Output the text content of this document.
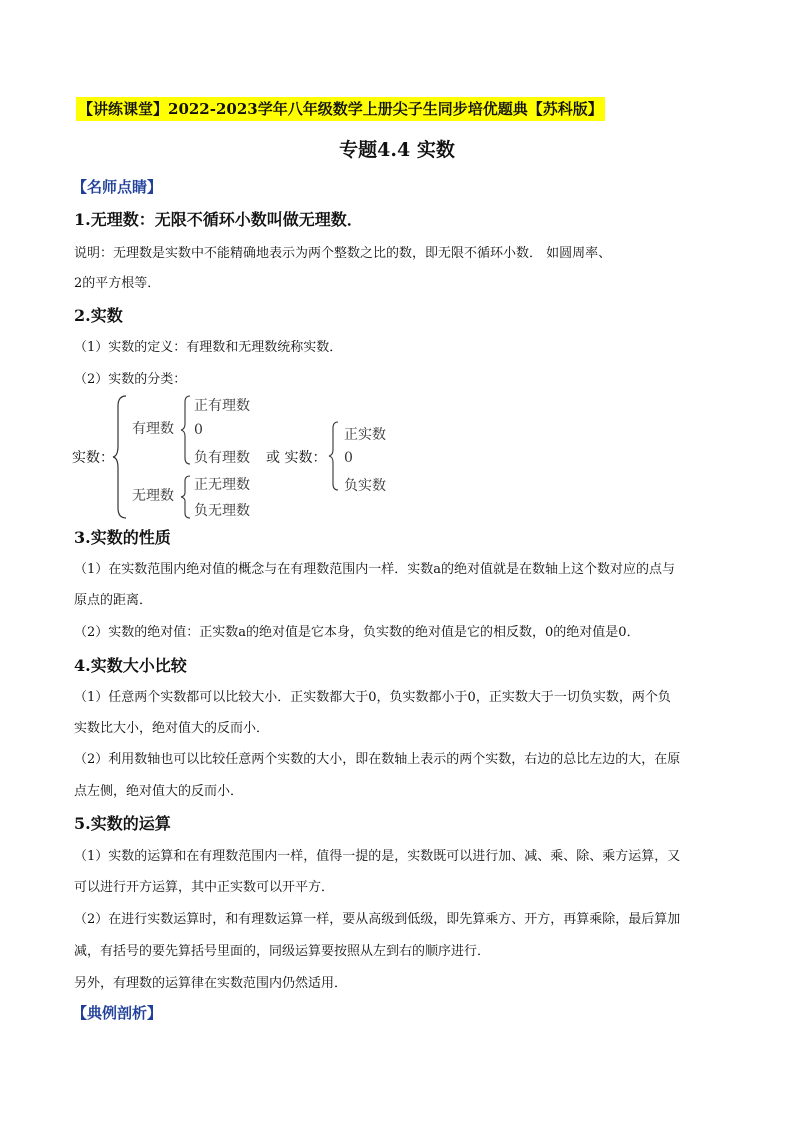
【讲练课堂】2022-2023学年八年级数学上册尖子生同步培优题典【苏科版】
专题4.4 实数
【名师点睛】
1.无理数：无限不循环小数叫做无理数．
说明：无理数是实数中不能精确地表示为两个整数之比的数，即无限不循环小数． 如圆周率、
2的平方根等．
2.实数
（1）实数的定义：有理数和无理数统称实数．
（2）实数的分类：
实数：
有理数
正有理数
0
负有理数
无理数
正无理数
负无理数
或 实数：
正实数
0
负实数
3.实数的性质
（1）在实数范围内绝对值的概念与在有理数范围内一样．实数a的绝对值就是在数轴上这个数对应的点与
原点的距离．
（2）实数的绝对值：正实数a的绝对值是它本身，负实数的绝对值是它的相反数，0的绝对值是0．
4.实数大小比较
（1）任意两个实数都可以比较大小．正实数都大于0，负实数都小于0，正实数大于一切负实数，两个负
实数比大小，绝对值大的反而小．
（2）利用数轴也可以比较任意两个实数的大小，即在数轴上表示的两个实数，右边的总比左边的大，在原
点左侧，绝对值大的反而小．
5.实数的运算
（1）实数的运算和在有理数范围内一样，值得一提的是，实数既可以进行加、减、乘、除、乘方运算，又
可以进行开方运算，其中正实数可以开平方．
（2）在进行实数运算时，和有理数运算一样，要从高级到低级，即先算乘方、开方，再算乘除，最后算加
减，有括号的要先算括号里面的，同级运算要按照从左到右的顺序进行．
另外，有理数的运算律在实数范围内仍然适用．
【典例剖析】
